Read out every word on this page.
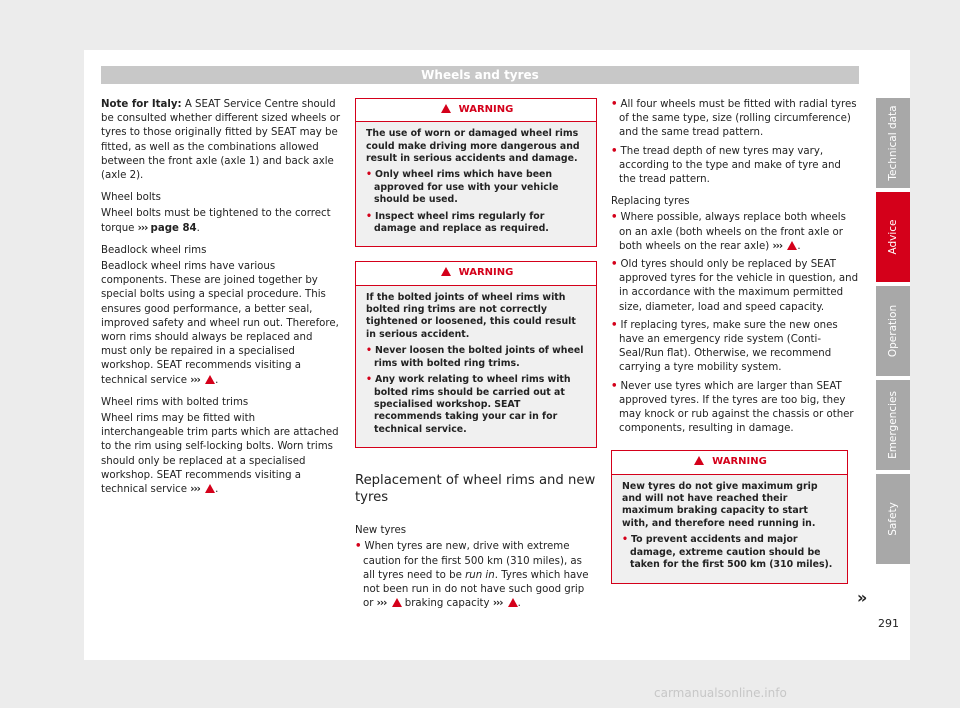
Wheels and tyres

Note for Italy: A SEAT Service Centre should be consulted whether different sized wheels or tyres to those originally fitted by SEAT may be fitted, as well as the combinations allowed between the front axle (axle 1) and back axle (axle 2).

Wheel bolts

Wheel bolts must be tightened to the correct torque ››› page 84.

Beadlock wheel rims

Beadlock wheel rims have various components. These are joined together by special bolts using a special procedure. This ensures good performance, a better seal, improved safety and wheel run out. Therefore, worn rims should always be replaced and must only be repaired in a specialised workshop. SEAT recommends visiting a technical service ››› .

Wheel rims with bolted trims

Wheel rims may be fitted with interchangeable trim parts which are attached to the rim using self-locking bolts. Worn trims should only be replaced at a specialised workshop. SEAT recommends visiting a technical service ››› .

WARNING

The use of worn or damaged wheel rims could make driving more dangerous and result in serious accidents and damage.

• Only wheel rims which have been approved for use with your vehicle should be used.

• Inspect wheel rims regularly for damage and replace as required.

WARNING

If the bolted joints of wheel rims with bolted ring trims are not correctly tightened or loosened, this could result in serious accident.

• Never loosen the bolted joints of wheel rims with bolted ring trims.

• Any work relating to wheel rims with bolted rims should be carried out at specialised workshop. SEAT recommends taking your car in for technical service.

Replacement of wheel rims and new tyres

New tyres

• When tyres are new, drive with extreme caution for the first 500 km (310 miles), as all tyres need to be run in. Tyres which have not been run in do not have such good grip or ›››  braking capacity ››› .

• All four wheels must be fitted with radial tyres of the same type, size (rolling circumference) and the same tread pattern.

• The tread depth of new tyres may vary, according to the type and make of tyre and the tread pattern.

Replacing tyres

• Where possible, always replace both wheels on an axle (both wheels on the front axle or both wheels on the rear axle) ››› .

• Old tyres should only be replaced by SEAT approved tyres for the vehicle in question, and in accordance with the maximum permitted size, diameter, load and speed capacity.

• If replacing tyres, make sure the new ones have an emergency ride system (Conti-Seal/Run flat). Otherwise, we recommend carrying a tyre mobility system.

• Never use tyres which are larger than SEAT approved tyres. If the tyres are too big, they may knock or rub against the chassis or other components, resulting in damage.

WARNING

New tyres do not give maximum grip and will not have reached their maximum braking capacity to start with, and therefore need running in.

• To prevent accidents and major damage, extreme caution should be taken for the first 500 km (310 miles).

»
Technical data
Advice
Operation
Emergencies
Safety
291
carmanualsonline.info
